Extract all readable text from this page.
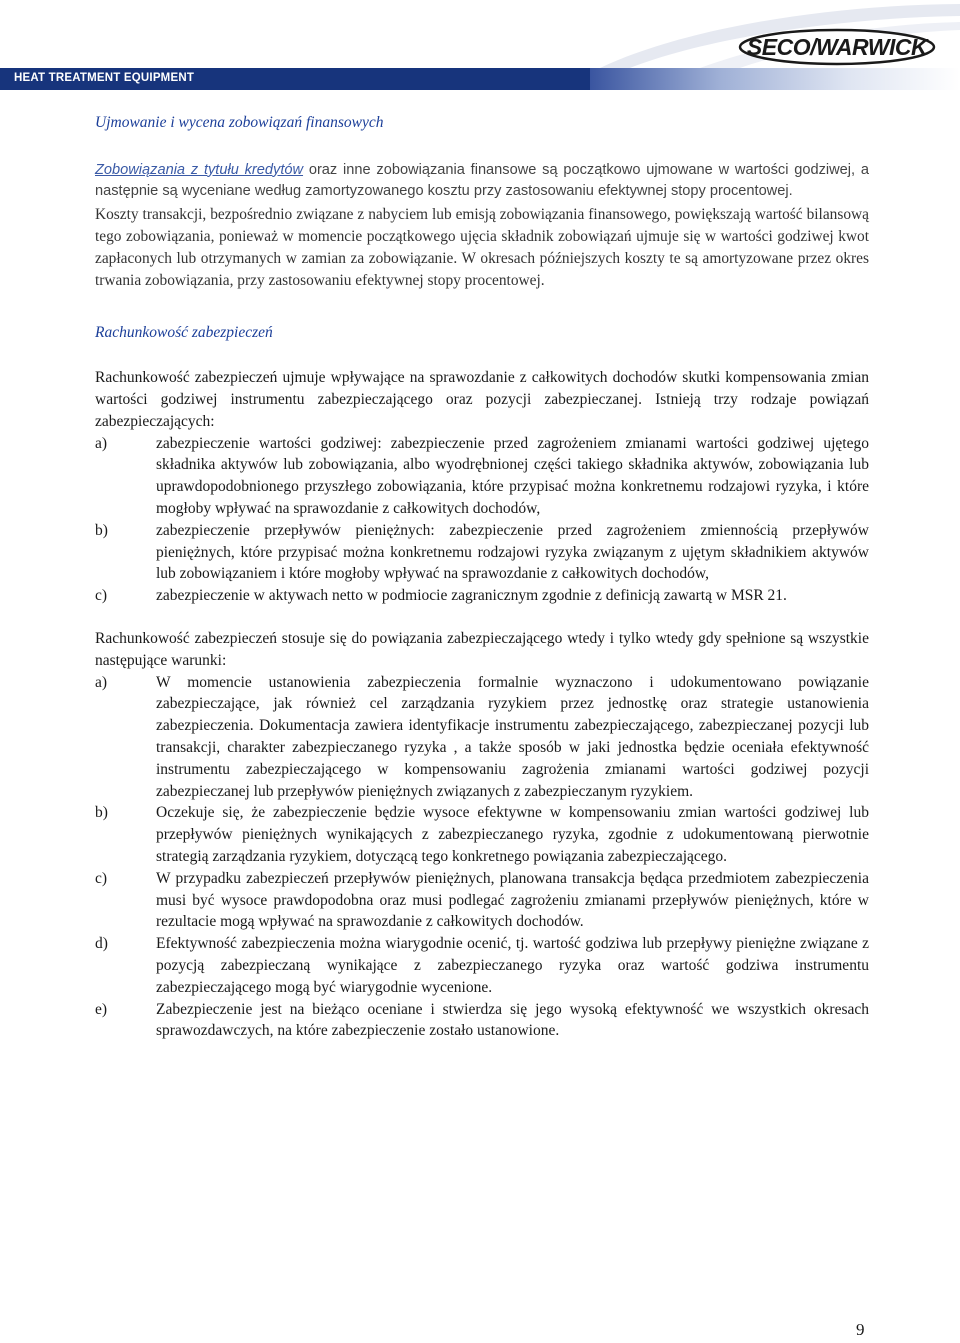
HEAT TREATMENT EQUIPMENT
SECO/WARWICK

Ujmowanie i wycena zobowiązań finansowych

Zobowiązania z tytułu kredytów oraz inne zobowiązania finansowe są początkowo ujmowane w wartości godziwej, a następnie są wyceniane według zamortyzowanego kosztu przy zastosowaniu efektywnej stopy procentowej.

Koszty transakcji, bezpośrednio związane z nabyciem lub emisją zobowiązania finansowego, powiększają wartość bilansową tego zobowiązania, ponieważ w momencie początkowego ujęcia składnik zobowiązań ujmuje się w wartości godziwej kwot zapłaconych lub otrzymanych w zamian za zobowiązanie. W okresach późniejszych koszty te są amortyzowane przez okres trwania zobowiązania, przy zastosowaniu efektywnej stopy procentowej.

Rachunkowość zabezpieczeń

Rachunkowość zabezpieczeń ujmuje wpływające na sprawozdanie z całkowitych dochodów skutki kompensowania zmian wartości godziwej instrumentu zabezpieczającego oraz pozycji zabezpieczanej. Istnieją trzy rodzaje powiązań zabezpieczających:

a)	zabezpieczenie wartości godziwej: zabezpieczenie przed zagrożeniem zmianami wartości godziwej ujętego składnika aktywów lub zobowiązania, albo wyodrębnionej części takiego składnika aktywów, zobowiązania lub uprawdopodobnionego przyszłego zobowiązania, które przypisać można konkretnemu rodzajowi ryzyka, i które mogłoby wpływać na sprawozdanie z całkowitych dochodów,
b)	zabezpieczenie przepływów pieniężnych: zabezpieczenie przed zagrożeniem zmiennością przepływów pieniężnych, które przypisać można konkretnemu rodzajowi ryzyka związanym z ujętym składnikiem aktywów lub zobowiązaniem i które mogłoby wpływać na sprawozdanie z całkowitych dochodów,
c)	zabezpieczenie w aktywach netto w podmiocie zagranicznym zgodnie z definicją zawartą w MSR 21.

Rachunkowość zabezpieczeń stosuje się do powiązania zabezpieczającego wtedy i tylko wtedy gdy spełnione są wszystkie następujące warunki:

a)	W momencie ustanowienia zabezpieczenia formalnie wyznaczono i udokumentowano powiązanie zabezpieczające, jak również cel zarządzania ryzykiem przez jednostkę oraz strategie ustanowienia zabezpieczenia. Dokumentacja zawiera identyfikacje instrumentu zabezpieczającego, zabezpieczanej pozycji lub transakcji, charakter zabezpieczanego ryzyka , a także sposób w jaki jednostka będzie oceniała efektywność instrumentu zabezpieczającego w kompensowaniu zagrożenia zmianami wartości godziwej pozycji zabezpieczanej lub przepływów pieniężnych związanych z zabezpieczanym ryzykiem.
b)	Oczekuje się, że zabezpieczenie będzie wysoce efektywne w kompensowaniu zmian wartości godziwej lub przepływów pieniężnych wynikających z zabezpieczanego ryzyka, zgodnie z udokumentowaną pierwotnie strategią zarządzania ryzykiem, dotyczącą tego konkretnego powiązania zabezpieczającego.
c)	W przypadku zabezpieczeń przepływów pieniężnych, planowana transakcja będąca przedmiotem zabezpieczenia musi być wysoce prawdopodobna oraz musi podlegać zagrożeniu zmianami przepływów pieniężnych, które w rezultacie mogą wpływać na sprawozdanie z całkowitych dochodów.
d)	Efektywność zabezpieczenia można wiarygodnie ocenić, tj. wartość godziwa lub przepływy pieniężne związane z pozycją zabezpieczaną wynikające z zabezpieczanego ryzyka oraz wartość godziwa instrumentu zabezpieczającego mogą być wiarygodnie wycenione.
e)	Zabezpieczenie jest na bieżąco oceniane i stwierdza się jego wysoką efektywność we wszystkich okresach sprawozdawczych, na które zabezpieczenie zostało ustanowione.
9
